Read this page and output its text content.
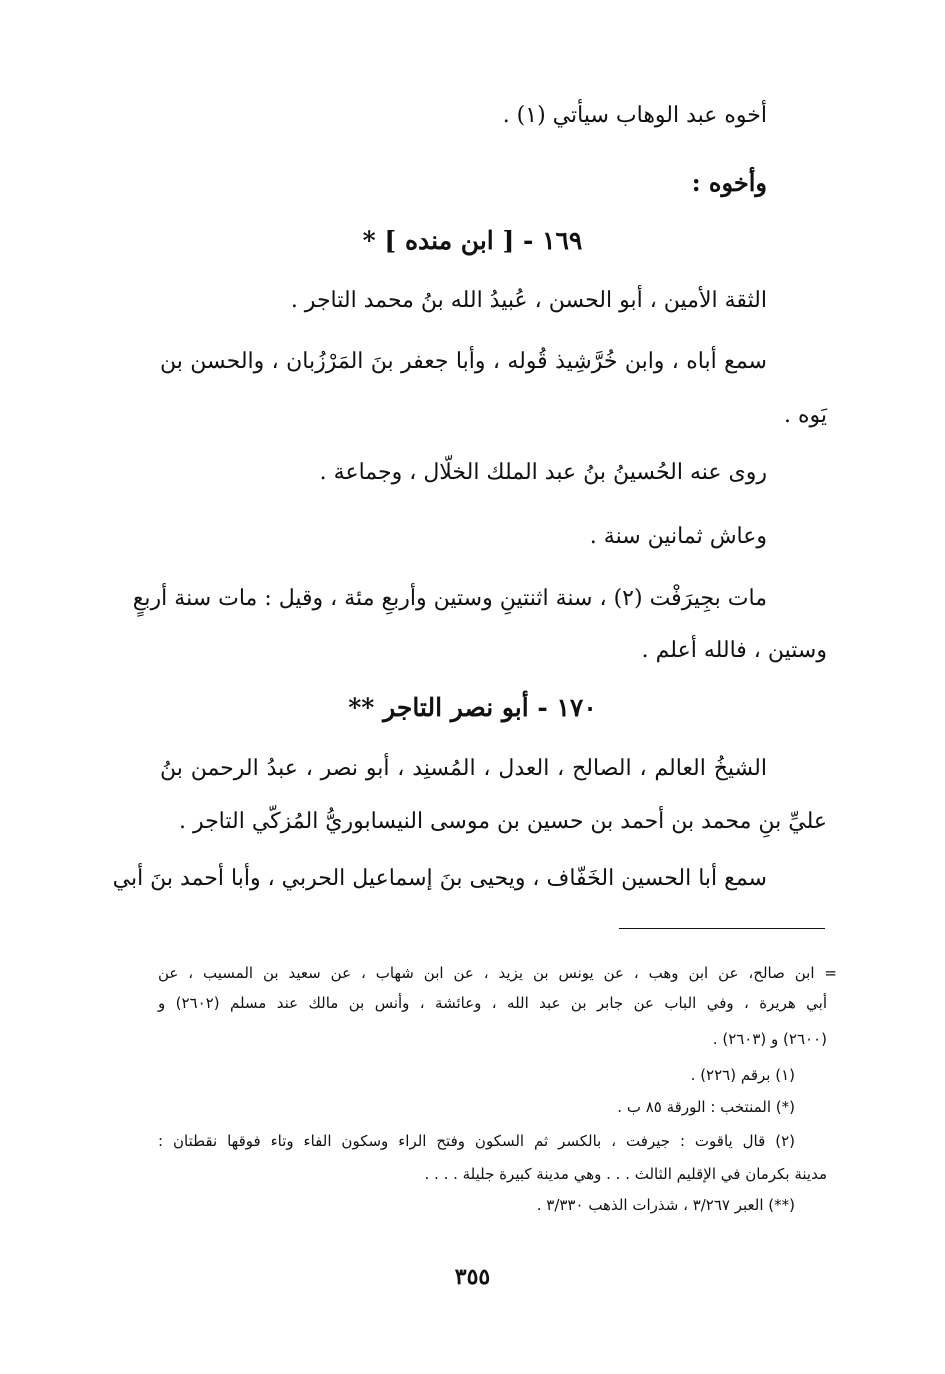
أخوه عبد الوهاب سيأتي (١) .
وأخوه :
١٦٩ - [ ابن منده ] *
الثقة الأمين ، أبو الحسن ، عُبيدُ الله بنُ محمد التاجر .
سمع أباه ، وابن خُرَّشِيذ قُوله ، وأبا جعفر بنَ المَرْزُبان ، والحسن بن
يَوه .
روى عنه الحُسينُ بنُ عبد الملك الخلّال ، وجماعة .
وعاش ثمانين سنة .
مات بجِيرَفْت (٢) ، سنة اثنتينِ وستين وأربعِ مئة ، وقيل : مات سنة أربعٍ
وستين ، فالله أعلم .
١٧٠ - أبو نصر التاجر **
الشيخُ العالم ، الصالح ، العدل ، المُسنِد ، أبو نصر ، عبدُ الرحمن بنُ
عليِّ بنِ محمد بن أحمد بن حسين بن موسى النيسابوريُّ المُزكّي التاجر .
سمع أبا الحسين الخَفّاف ، ويحيى بنَ إسماعيل الحربي ، وأبا أحمد بنَ أبي
= ابن صالح، عن ابن وهب ، عن يونس بن يزيد ، عن ابن شهاب ، عن سعيد بن المسيب ، عن
أبي هريرة ، وفي الباب عن جابر بن عبد الله ، وعائشة ، وأنس بن مالك عند مسلم (٢٦٠٢) و
(٢٦٠٠) و (٢٦٠٣) .
(١) برقم (٢٢٦) .
(*) المنتخب : الورقة ٨٥ ب .
(٢) قال ياقوت : جيرفت ، بالكسر ثم السكون وفتح الراء وسكون الفاء وتاء فوقها نقطتان :
مدينة بكرمان في الإقليم الثالث . . . وهي مدينة كبيرة جليلة . . . .
(**) العبر ٣/٢٦٧ ، شذرات الذهب ٣/٣٣٠ .
٣٥٥
